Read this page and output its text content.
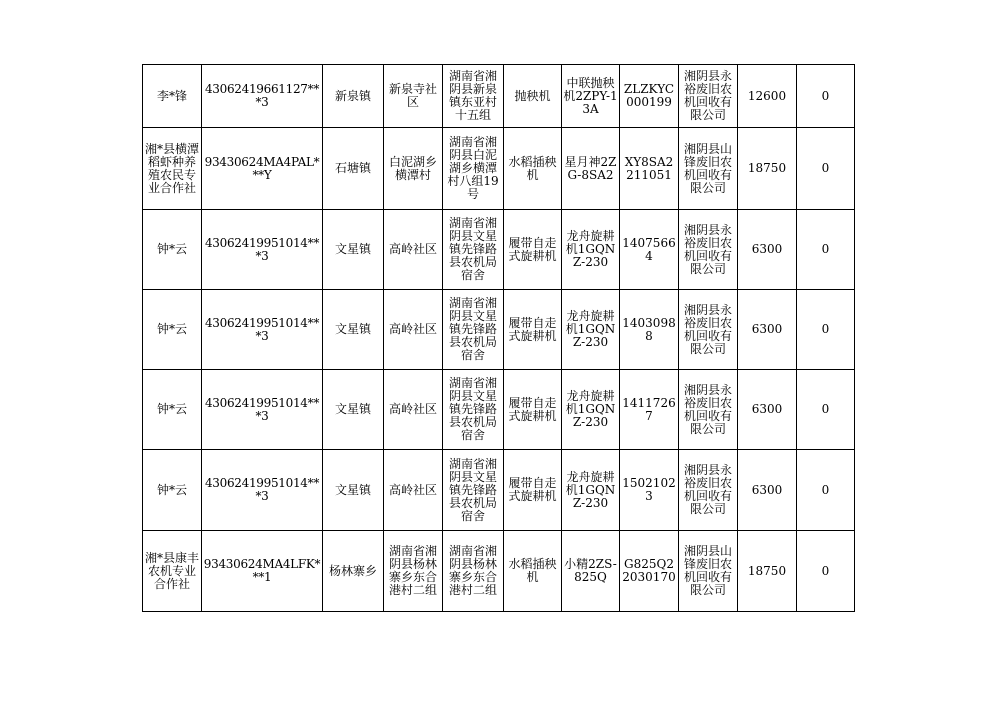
李*锋	43062419661127***3	新泉镇	新泉寺社区	湖南省湘阴县新泉镇东亚村十五组	抛秧机	中联抛秧机2ZPY-13A	ZLZKYC000199	湘阴县永裕废旧农机回收有限公司	12600	0
湘*县横潭稻虾种养殖农民专业合作社	93430624MA4PAL***Y	石塘镇	白泥湖乡横潭村	湖南省湘阴县白泥湖乡横潭村八组19号	水稻插秧机	星月神2ZG-8SA2	XY8SA2211051	湘阴县山锋废旧农机回收有限公司	18750	0
钟*云	43062419951014***3	文星镇	高岭社区	湖南省湘阴县文星镇先锋路县农机局宿舍	履带自走式旋耕机	龙舟旋耕机1GQNZ-230	14075664	湘阴县永裕废旧农机回收有限公司	6300	0
钟*云	43062419951014***3	文星镇	高岭社区	湖南省湘阴县文星镇先锋路县农机局宿舍	履带自走式旋耕机	龙舟旋耕机1GQNZ-230	14030988	湘阴县永裕废旧农机回收有限公司	6300	0
钟*云	43062419951014***3	文星镇	高岭社区	湖南省湘阴县文星镇先锋路县农机局宿舍	履带自走式旋耕机	龙舟旋耕机1GQNZ-230	14117267	湘阴县永裕废旧农机回收有限公司	6300	0
钟*云	43062419951014***3	文星镇	高岭社区	湖南省湘阴县文星镇先锋路县农机局宿舍	履带自走式旋耕机	龙舟旋耕机1GQNZ-230	15021023	湘阴县永裕废旧农机回收有限公司	6300	0
湘*县康丰农机专业合作社	93430624MA4LFK***1	杨林寨乡	湖南省湘阴县杨林寨乡东合港村二组	湖南省湘阴县杨林寨乡东合港村二组	水稻插秧机	小精2ZS-825Q	G825Q22030170	湘阴县山锋废旧农机回收有限公司	18750	0
